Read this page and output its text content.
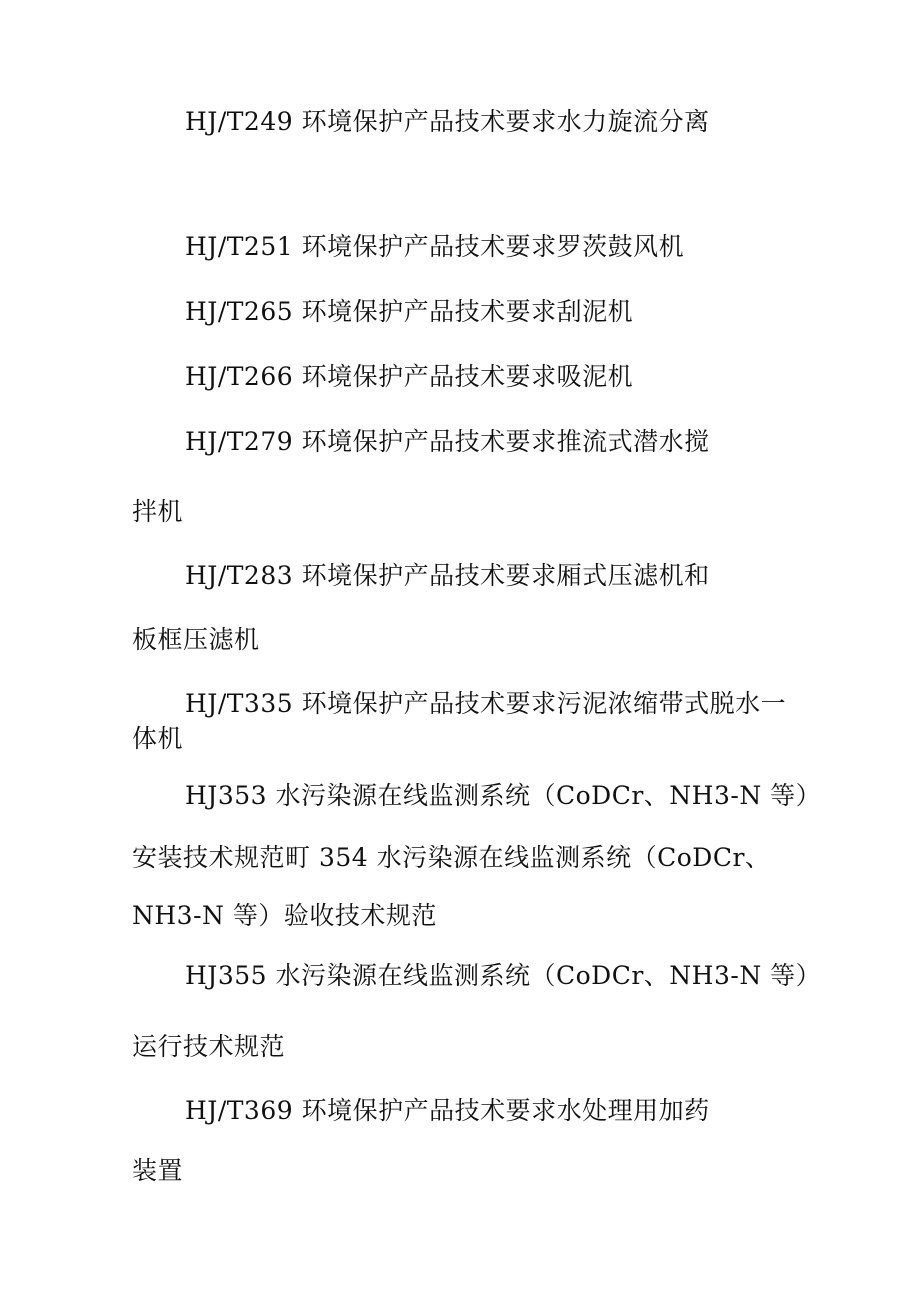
HJ/T249 环境保护产品技术要求水力旋流分离
HJ/T251 环境保护产品技术要求罗茨鼓风机
HJ/T265 环境保护产品技术要求刮泥机
HJ/T266 环境保护产品技术要求吸泥机
HJ/T279 环境保护产品技术要求推流式潜水搅
拌机
HJ/T283 环境保护产品技术要求厢式压滤机和
板框压滤机
HJ/T335 环境保护产品技术要求污泥浓缩带式脱水一
体机
HJ353 水污染源在线监测系统（CoDCr、NH3-N 等）
安装技术规范町 354 水污染源在线监测系统（CoDCr、
NH3-N 等）验收技术规范
HJ355 水污染源在线监测系统（CoDCr、NH3-N 等）
运行技术规范
HJ/T369 环境保护产品技术要求水处理用加药
装置
